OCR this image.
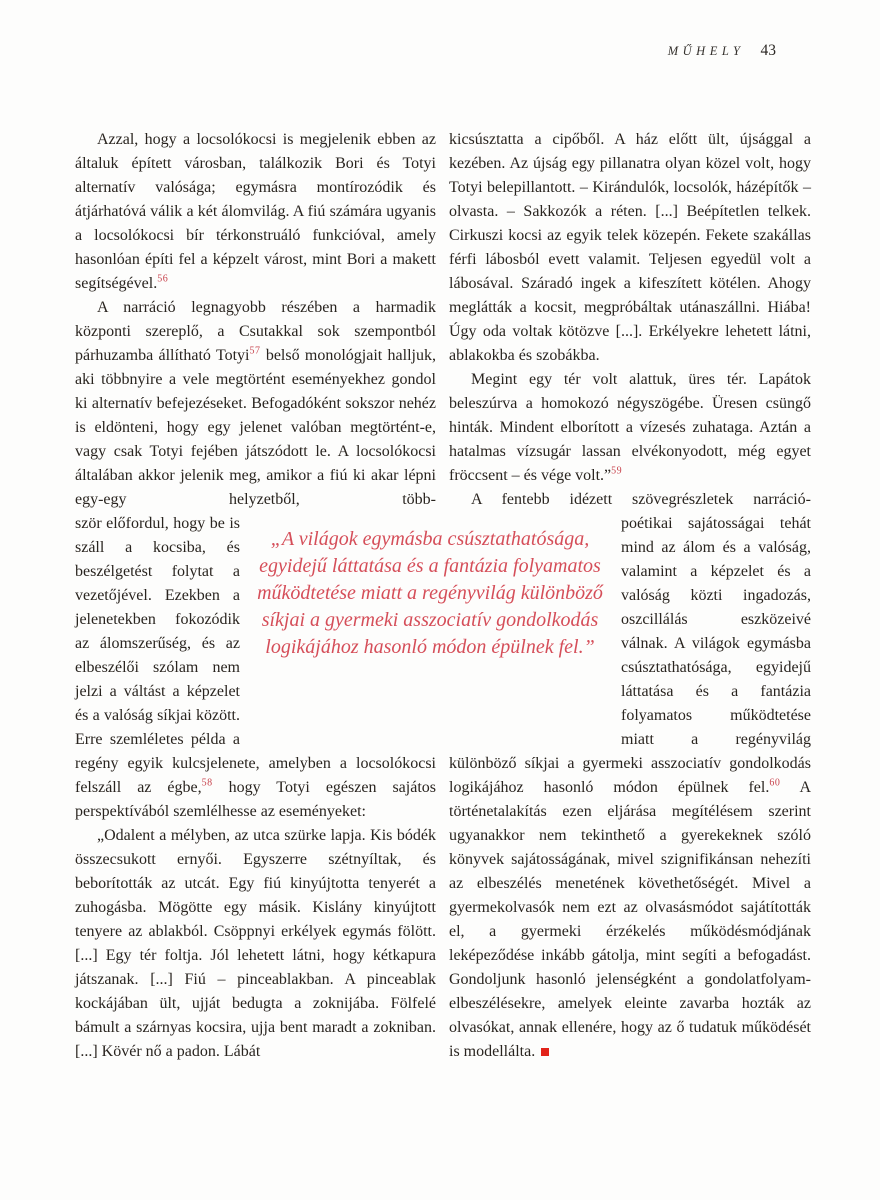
MŰHELY 43

Azzal, hogy a locsolókocsi is megjelenik ebben az általuk épített városban, találkozik Bori és Totyi alternatív valósága; egymásra montírozódik és átjárhatóvá válik a két álomvilág. A fiú számára ugyanis a locsolókocsi bír térkonstruáló funkcióval, amely hasonlóan építi fel a képzelt várost, mint Bori a makett segítségével.$^{56}$

A narráció legnagyobb részében a harmadik központi szereplő, a Csutakkal sok szempontból párhuzamba állítható Totyi$^{57}$ belső monológjait halljuk, aki többnyire a vele megtörtént eseményekhez gondol ki alternatív befejezéseket. Befogadóként sokszor nehéz is eldönteni, hogy egy jelenet valóban megtörtént-e, vagy csak Totyi fejében játszódott le. A locsolókocsi általában akkor jelenik meg, amikor a fiú ki akar lépni egy-egy helyzetből, több-

ször előfordul, hogy be is száll a kocsiba, és beszélgetést folytat a vezetőjével. Ezekben a jelenetekben fokozódik az álomszerűség, és az elbeszélői szólam nem jelzi a váltást a képzelet és a valóság síkjai között. Erre szemléletes példa a regény egyik kulcsjelenete, amelyben a locsolókocsi felszáll az égbe,$^{58}$ hogy Totyi egészen sajátos perspektívából szemlélhesse az eseményeket:

„Odalent a mélyben, az utca szürke lapja. Kis bódék összecsukott ernyői. Egyszerre szétnyíltak, és beborították az utcát. Egy fiú kinyújtotta tenyerét a zuhogásba. Mögötte egy másik. Kislány kinyújtott tenyere az ablakból. Csöppnyi erkélyek egymás fölött. [...] Egy tér foltja. Jól lehetett látni, hogy kétkapura játszanak. [...] Fiú – pinceablakban. A pinceablak kockájában ült, ujját bedugta a zoknijába. Fölfelé bámult a szárnyas kocsira, ujja bent maradt a zokniban. [...] Kövér nő a padon. Lábát

kicsúsztatta a cipőből. A ház előtt ült, újsággal a kezében. Az újság egy pillanatra olyan közel volt, hogy Totyi belepillantott. – Kirándulók, locsolók, házépítők – olvasta. – Sakkozók a réten. [...] Beépítetlen telkek. Cirkuszi kocsi az egyik telek közepén. Fekete szakállas férfi lábosból evett valamit. Teljesen egyedül volt a lábosával. Száradó ingek a kifeszített kötélen. Ahogy meglátták a kocsit, megpróbáltak utánaszállni. Hiába! Úgy oda voltak kötözve [...]. Erkélyekre lehetett látni, ablakokba és szobákba.

Megint egy tér volt alattuk, üres tér. Lapátok beleszúrva a homokozó négyszögébe. Üresen csüngő hinták. Mindent elborított a vízesés zuhataga. Aztán a hatalmas vízsugár lassan elvékonyodott, még egyet fröccsent – és vége volt.”$^{59}$

A fentebb idézett szövegrészletek narráció-

poétikai sajátosságai tehát mind az álom és a valóság, valamint a képzelet és a valóság közti ingadozás, oszcillálás eszközeivé válnak. A világok egymásba csúsztathatósága, egyidejű láttatása és a fantázia folyamatos működtetése miatt a regényvilág különböző síkjai a gyermeki asszociatív gondolkodás logikájához hasonló módon épülnek fel.$^{60}$ A történetalakítás ezen eljárása megítélésem szerint ugyanakkor nem tekinthető a gyerekeknek szóló könyvek sajátosságának, mivel szignifikánsan nehezíti az elbeszélés menetének követhetőségét. Mivel a gyermekolvasók nem ezt az olvasásmódot sajátították el, a gyermeki érzékelés működésmódjának leképeződése inkább gátolja, mint segíti a befogadást. Gondoljunk hasonló jelenségként a gondolatfolyam-elbeszélésekre, amelyek eleinte zavarba hozták az olvasókat, annak ellenére, hogy az ő tudatuk működését is modellálta.

„A világok egymásba csúsztathatósága,
egyidejű láttatása és a fantázia folyamatos
működtetése miatt a regényvilág különböző
síkjai a gyermeki asszociatív gondolkodás
logikájához hasonló módon épülnek fel.”
